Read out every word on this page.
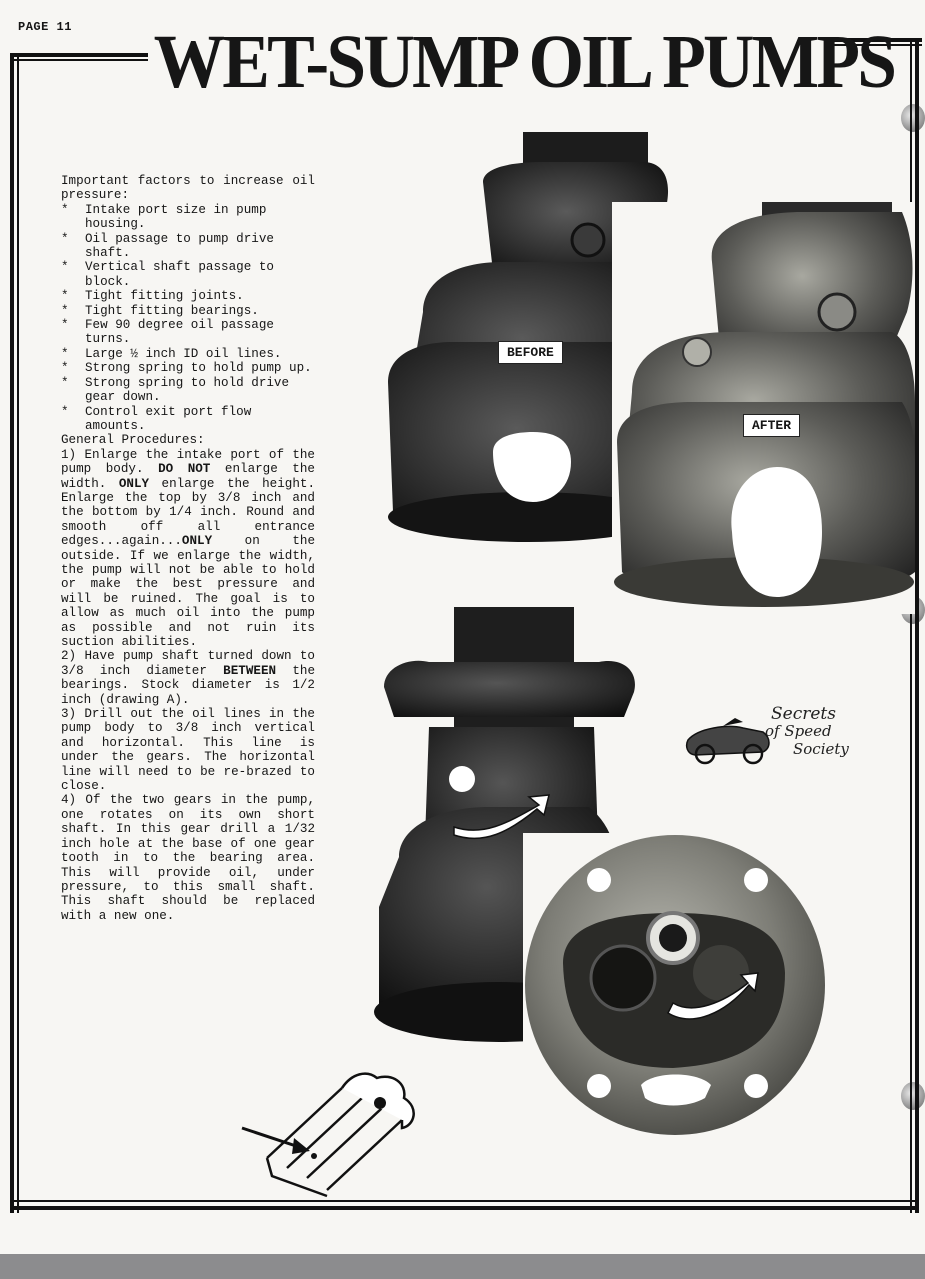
PAGE 11 WET-SUMP OIL PUMPS

Important factors to increase oil pressure:

* Intake port size in pump housing.
* Oil passage to pump drive shaft.
* Vertical shaft passage to block.
* Tight fitting joints.
* Tight fitting bearings.
* Few 90 degree oil passage turns.
* Large ½ inch ID oil lines.
* Strong spring to hold pump up.
* Strong spring to hold drive gear down.
* Control exit port flow amounts.

General Procedures:

1) Enlarge the intake port of the pump body. DO NOT enlarge the width. ONLY enlarge the height. Enlarge the top by 3/8 inch and the bottom by 1/4 inch. Round and smooth off all entrance edges...again...ONLY on the outside. If we enlarge the width, the pump will not be able to hold or make the best pressure and will be ruined. The goal is to allow as much oil into the pump as possible and not ruin its suction abilities.

2) Have pump shaft turned down to 3/8 inch diameter BETWEEN the bearings. Stock diameter is 1/2 inch (drawing A).

3) Drill out the oil lines in the pump body to 3/8 inch vertical and horizontal. This line is under the gears. The horizontal line will need to be re-brazed to close.

4) Of the two gears in the pump, one rotates on its own short shaft. In this gear drill a 1/32 inch hole at the base of one gear tooth in to the bearing area. This will provide oil, under pressure, to this small shaft. This shaft should be replaced with a new one.

BEFORE
AFTER
Secrets
of Speed
Society
